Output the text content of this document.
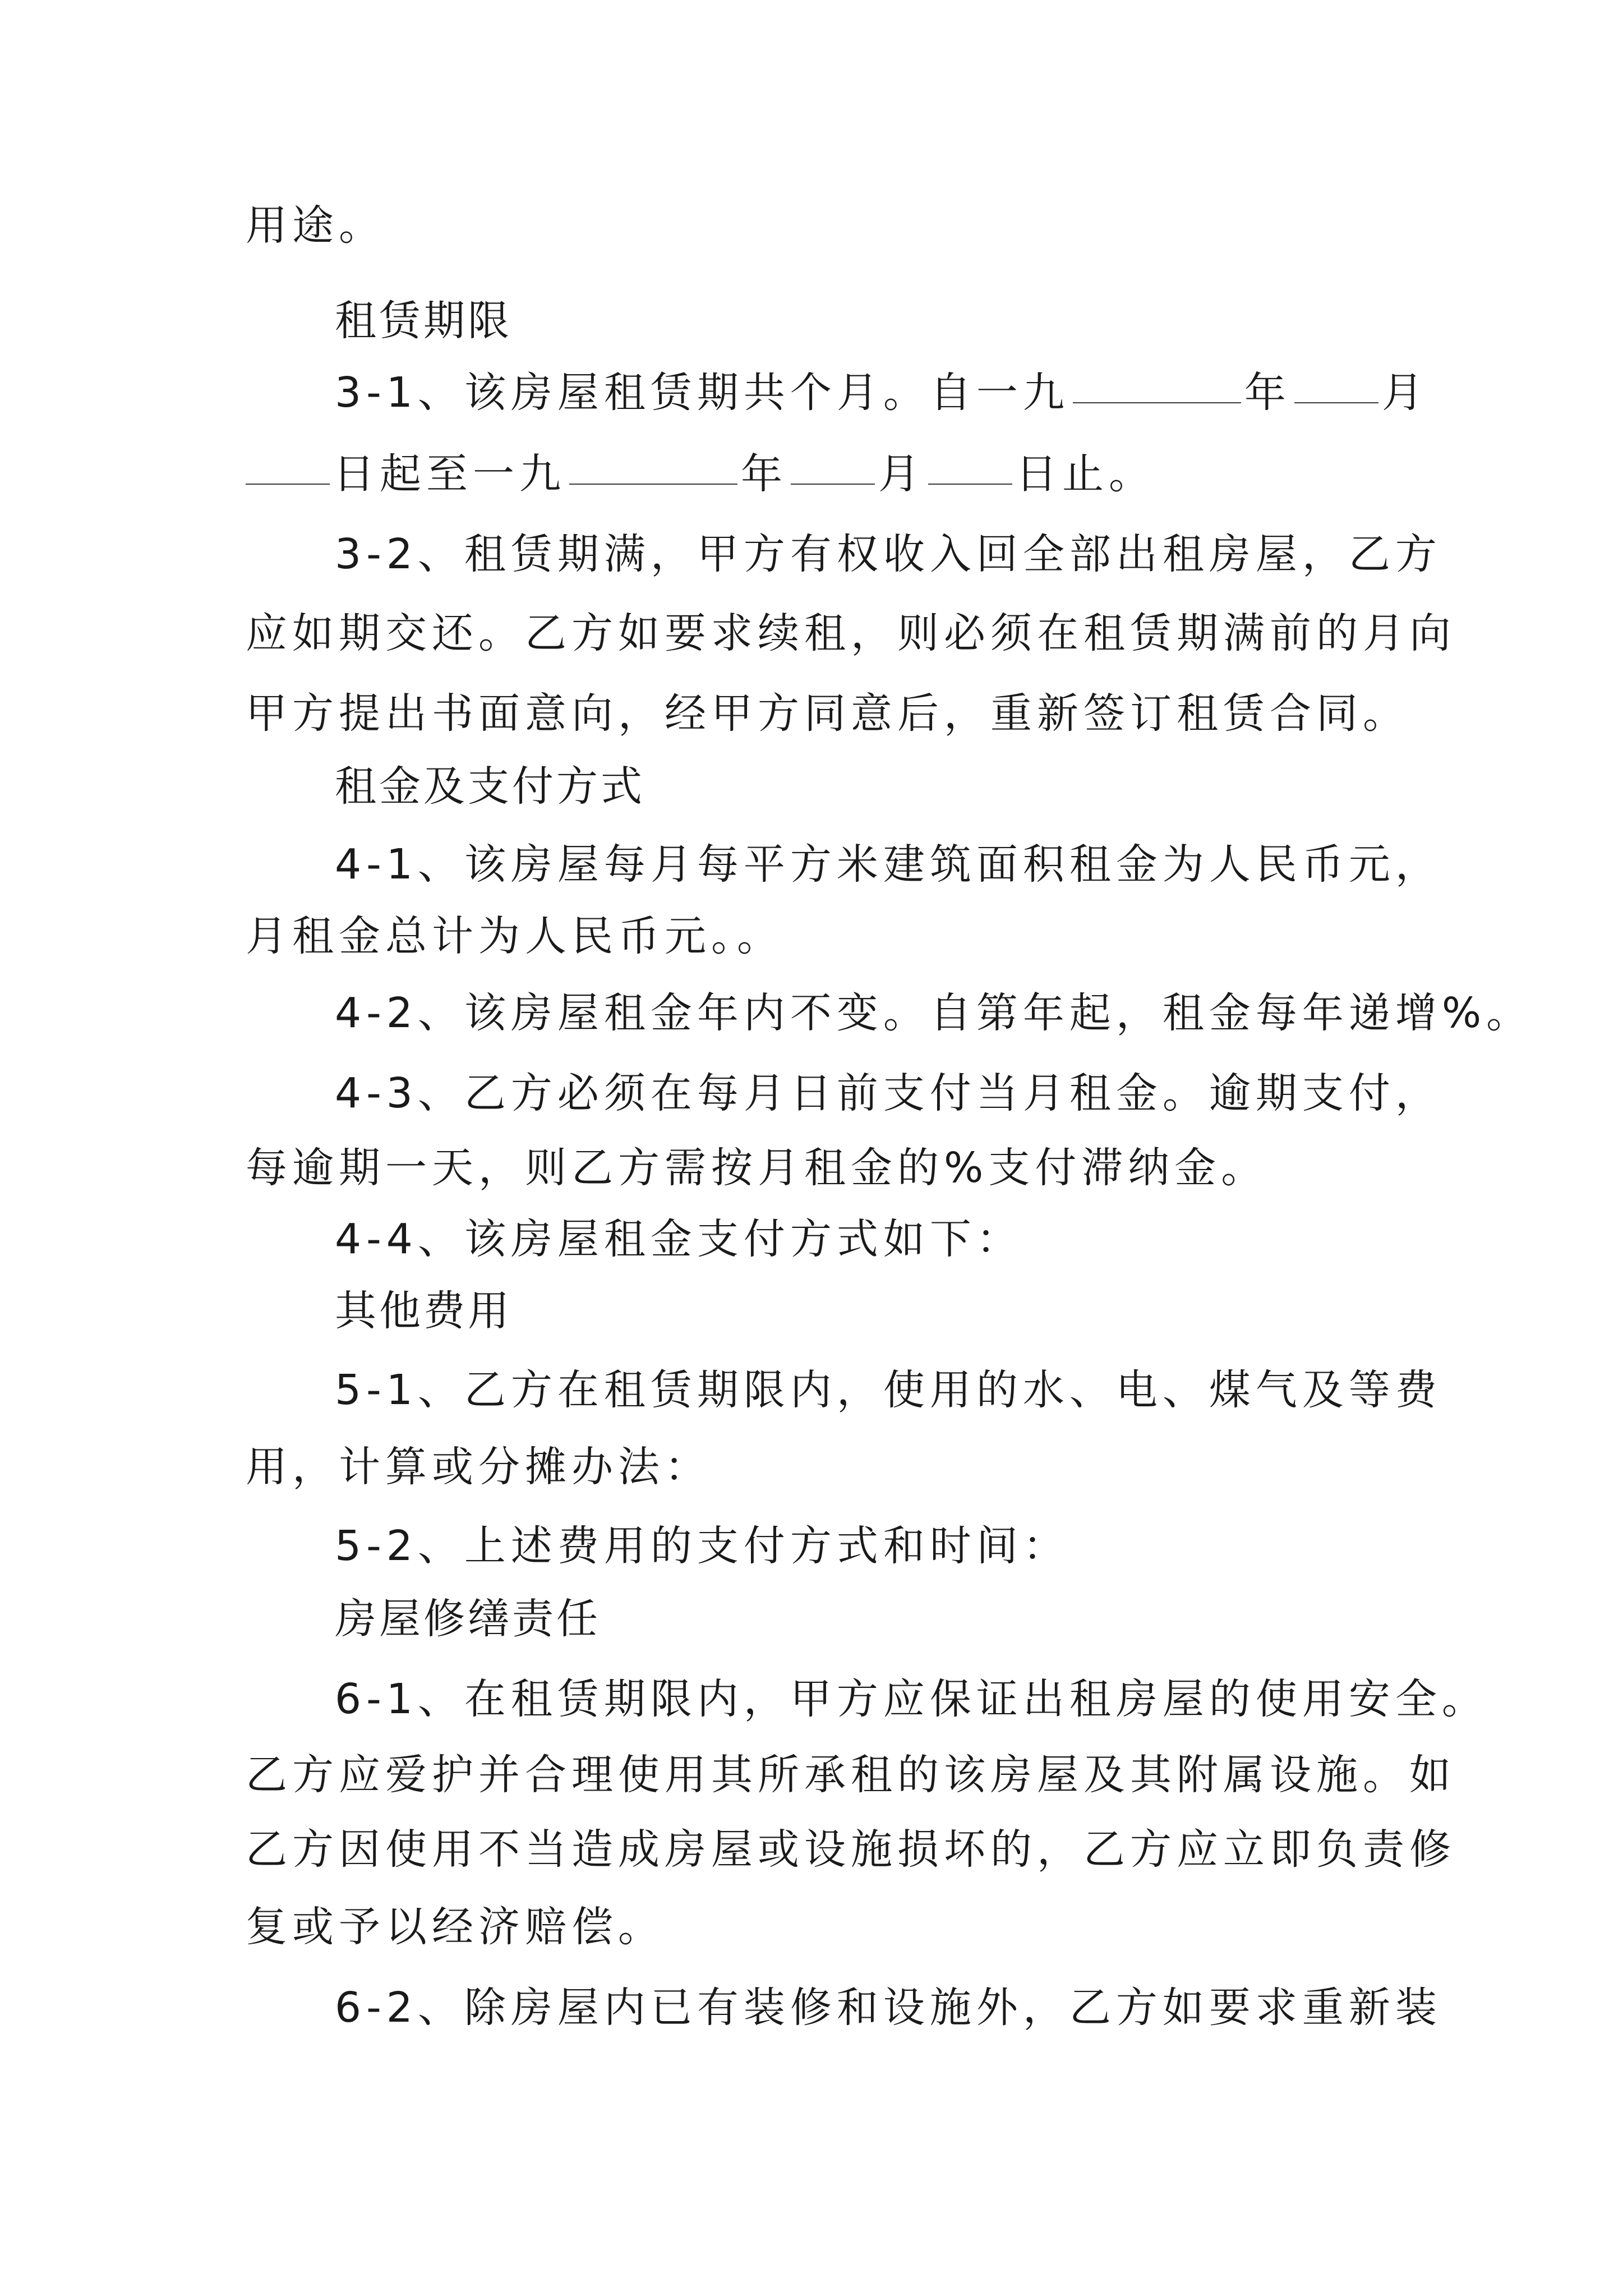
用途。
租赁期限
3-1、该房屋租赁期共个月。自一九	年 月
日起至一九	年 月 日止。
3-2、租赁期满，甲方有权收入回全部出租房屋，乙方
应如期交还。乙方如要求续租，则必须在租赁期满前的月向
甲方提出书面意向，经甲方同意后，重新签订租赁合同。
租金及支付方式
4-1、该房屋每月每平方米建筑面积租金为人民币元，
月租金总计为人民币元。。
4-2、该房屋租金年内不变。自第年起，租金每年递增%。
4-3、乙方必须在每月日前支付当月租金。逾期支付，
每逾期一天，则乙方需按月租金的%支付滞纳金。
4-4、该房屋租金支付方式如下：
其他费用
5-1、乙方在租赁期限内，使用的水、电、煤气及等费
用，计算或分摊办法：
5-2、上述费用的支付方式和时间：
房屋修缮责任
6-1、在租赁期限内，甲方应保证出租房屋的使用安全。
乙方应爱护并合理使用其所承租的该房屋及其附属设施。如
乙方因使用不当造成房屋或设施损坏的，乙方应立即负责修
复或予以经济赔偿。
6-2、除房屋内已有装修和设施外，乙方如要求重新装
